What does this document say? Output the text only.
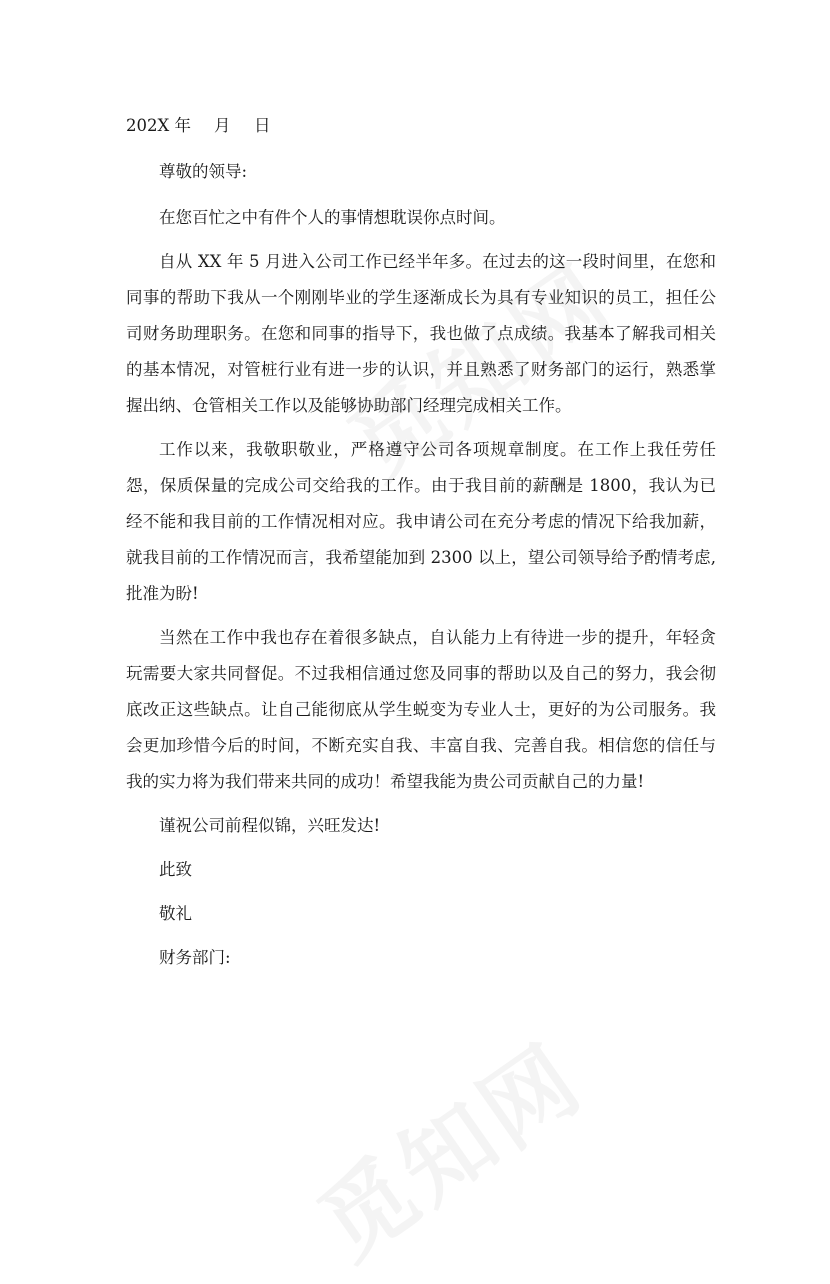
202X 年 月 日

尊敬的领导:

在您百忙之中有件个人的事情想耽误你点时间。

自从 XX 年 5 月进入公司工作已经半年多。在过去的这一段时间里，在您和同事的帮助下我从一个刚刚毕业的学生逐渐成长为具有专业知识的员工，担任公司财务助理职务。在您和同事的指导下，我也做了点成绩。我基本了解我司相关的基本情况，对管桩行业有进一步的认识，并且熟悉了财务部门的运行，熟悉掌握出纳、仓管相关工作以及能够协助部门经理完成相关工作。

工作以来，我敬职敬业，严格遵守公司各项规章制度。在工作上我任劳任怨，保质保量的完成公司交给我的工作。由于我目前的薪酬是 1800，我认为已经不能和我目前的工作情况相对应。我申请公司在充分考虑的情况下给我加薪，就我目前的工作情况而言，我希望能加到 2300 以上，望公司领导给予酌情考虑,批准为盼!

当然在工作中我也存在着很多缺点，自认能力上有待进一步的提升，年轻贪玩需要大家共同督促。不过我相信通过您及同事的帮助以及自己的努力，我会彻底改正这些缺点。让自己能彻底从学生蜕变为专业人士，更好的为公司服务。我会更加珍惜今后的时间，不断充实自我、丰富自我、完善自我。相信您的信任与我的实力将为我们带来共同的成功！希望我能为贵公司贡献自己的力量!

谨祝公司前程似锦，兴旺发达!

此致

敬礼

财务部门:
